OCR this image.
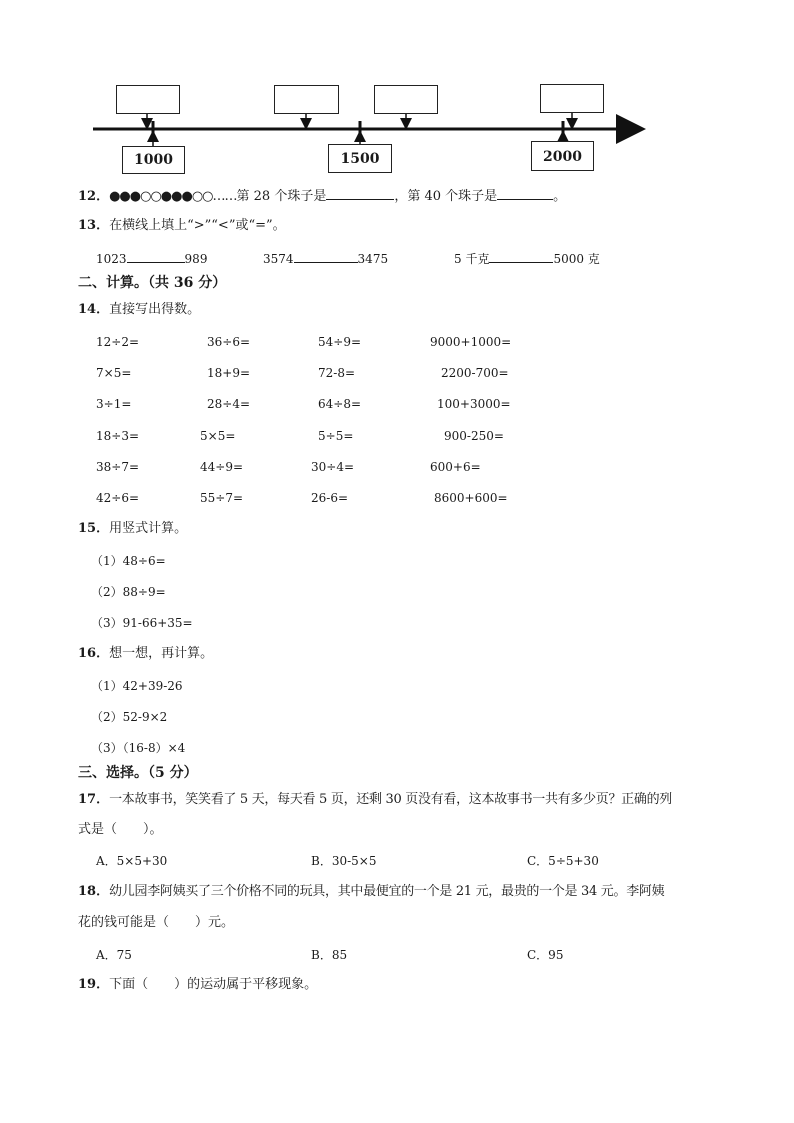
1000	1500	2000
12．●●●○○●●●○○……第 28 个珠子是	，第 40 个珠子是	。
13．在横线上填上“>”“<”或“=”。
1023	989	3574	3475	5 千克	5000 克
二、计算。（共 36 分）
14．直接写出得数。
12÷2=	36÷6=	54÷9=	9000+1000=
7×5=	18+9=	72-8=	2200-700=
3÷1=	28÷4=	64÷8=	100+3000=
18÷3=	5×5=	5÷5=	900-250=
38÷7=	44÷9=	30÷4=	600+6=
42÷6=	55÷7=	26-6=	8600+600=
15．用竖式计算。
（1）48÷6=
（2）88÷9=
（3）91-66+35=
16．想一想，再计算。
（1）42+39-26
（2）52-9×2
（3）（16-8）×4
三、选择。（5 分）
17．一本故事书，笑笑看了 5 天，每天看 5 页，还剩 30 页没有看，这本故事书一共有多少页？正确的列
式是（　　）。
A．5×5+30	B．30-5×5	C．5÷5+30
18．幼儿园李阿姨买了三个价格不同的玩具，其中最便宜的一个是 21 元，最贵的一个是 34 元。李阿姨
花的钱可能是（　　）元。
A．75	B．85	C．95
19．下面（　　）的运动属于平移现象。
